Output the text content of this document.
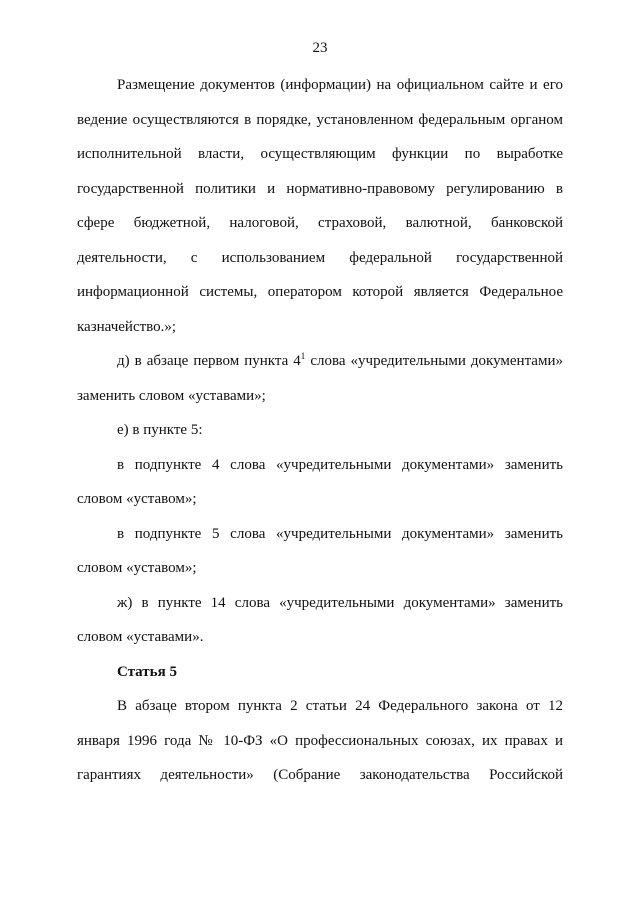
23

Размещение документов (информации) на официальном сайте и его ведение осуществляются в порядке, установленном федеральным органом исполнительной власти, осуществляющим функции по выработке государственной политики и нормативно-правовому регулированию в сфере бюджетной, налоговой, страховой, валютной, банковской деятельности, с использованием федеральной государственной информационной системы, оператором которой является Федеральное казначейство.»;

д) в абзаце первом пункта $4^1$ слова «учредительными документами» заменить словом «уставами»;

е) в пункте 5:

в подпункте 4 слова «учредительными документами» заменить словом «уставом»;

в подпункте 5 слова «учредительными документами» заменить словом «уставом»;

ж) в пункте 14 слова «учредительными документами» заменить словом «уставами».

Статья 5

В абзаце втором пункта 2 статьи 24 Федерального закона от 12 января 1996 года № 10-ФЗ «О профессиональных союзах, их правах и гарантиях деятельности» (Собрание законодательства Российской
